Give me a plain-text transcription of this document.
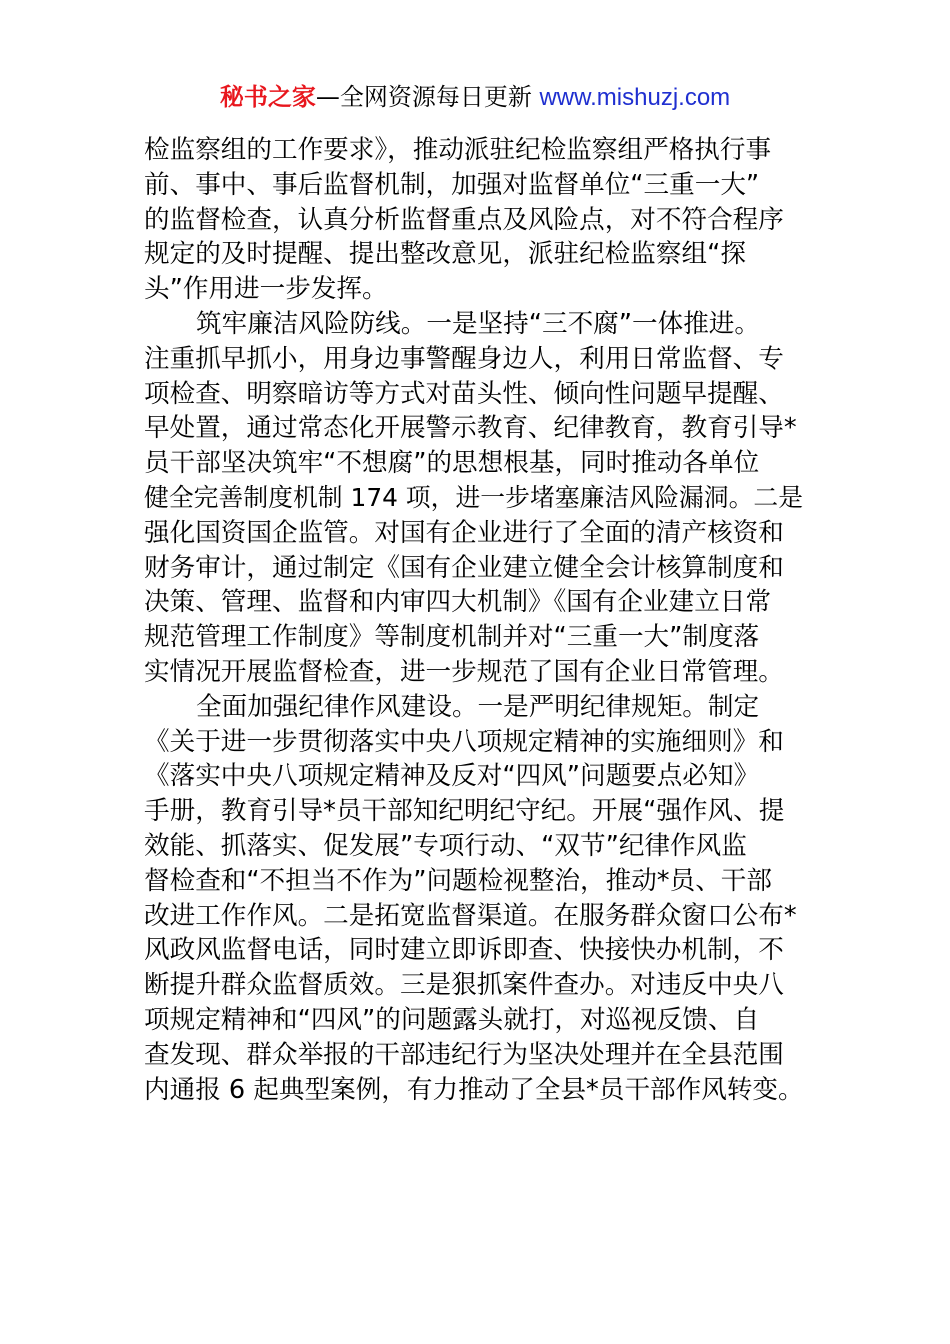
秘书之家—全网资源每日更新 www.mishuzj.com
检监察组的工作要求》，推动派驻纪检监察组严格执行事
前、事中、事后监督机制，加强对监督单位“三重一大”
的监督检查，认真分析监督重点及风险点，对不符合程序
规定的及时提醒、提出整改意见，派驻纪检监察组“探
头”作用进一步发挥。
筑牢廉洁风险防线。一是坚持“三不腐”一体推进。
注重抓早抓小，用身边事警醒身边人，利用日常监督、专
项检查、明察暗访等方式对苗头性、倾向性问题早提醒、
早处置，通过常态化开展警示教育、纪律教育，教育引导*
员干部坚决筑牢“不想腐”的思想根基，同时推动各单位
健全完善制度机制 174 项，进一步堵塞廉洁风险漏洞。二是
强化国资国企监管。对国有企业进行了全面的清产核资和
财务审计，通过制定《国有企业建立健全会计核算制度和
决策、管理、监督和内审四大机制》《国有企业建立日常
规范管理工作制度》等制度机制并对“三重一大”制度落
实情况开展监督检查，进一步规范了国有企业日常管理。
全面加强纪律作风建设。一是严明纪律规矩。制定
《关于进一步贯彻落实中央八项规定精神的实施细则》和
《落实中央八项规定精神及反对“四风”问题要点必知》
手册，教育引导*员干部知纪明纪守纪。开展“强作风、提
效能、抓落实、促发展”专项行动、“双节”纪律作风监
督检查和“不担当不作为”问题检视整治，推动*员、干部
改进工作作风。二是拓宽监督渠道。在服务群众窗口公布*
风政风监督电话，同时建立即诉即查、快接快办机制，不
断提升群众监督质效。三是狠抓案件查办。对违反中央八
项规定精神和“四风”的问题露头就打，对巡视反馈、自
查发现、群众举报的干部违纪行为坚决处理并在全县范围
内通报 6 起典型案例，有力推动了全县*员干部作风转变。
